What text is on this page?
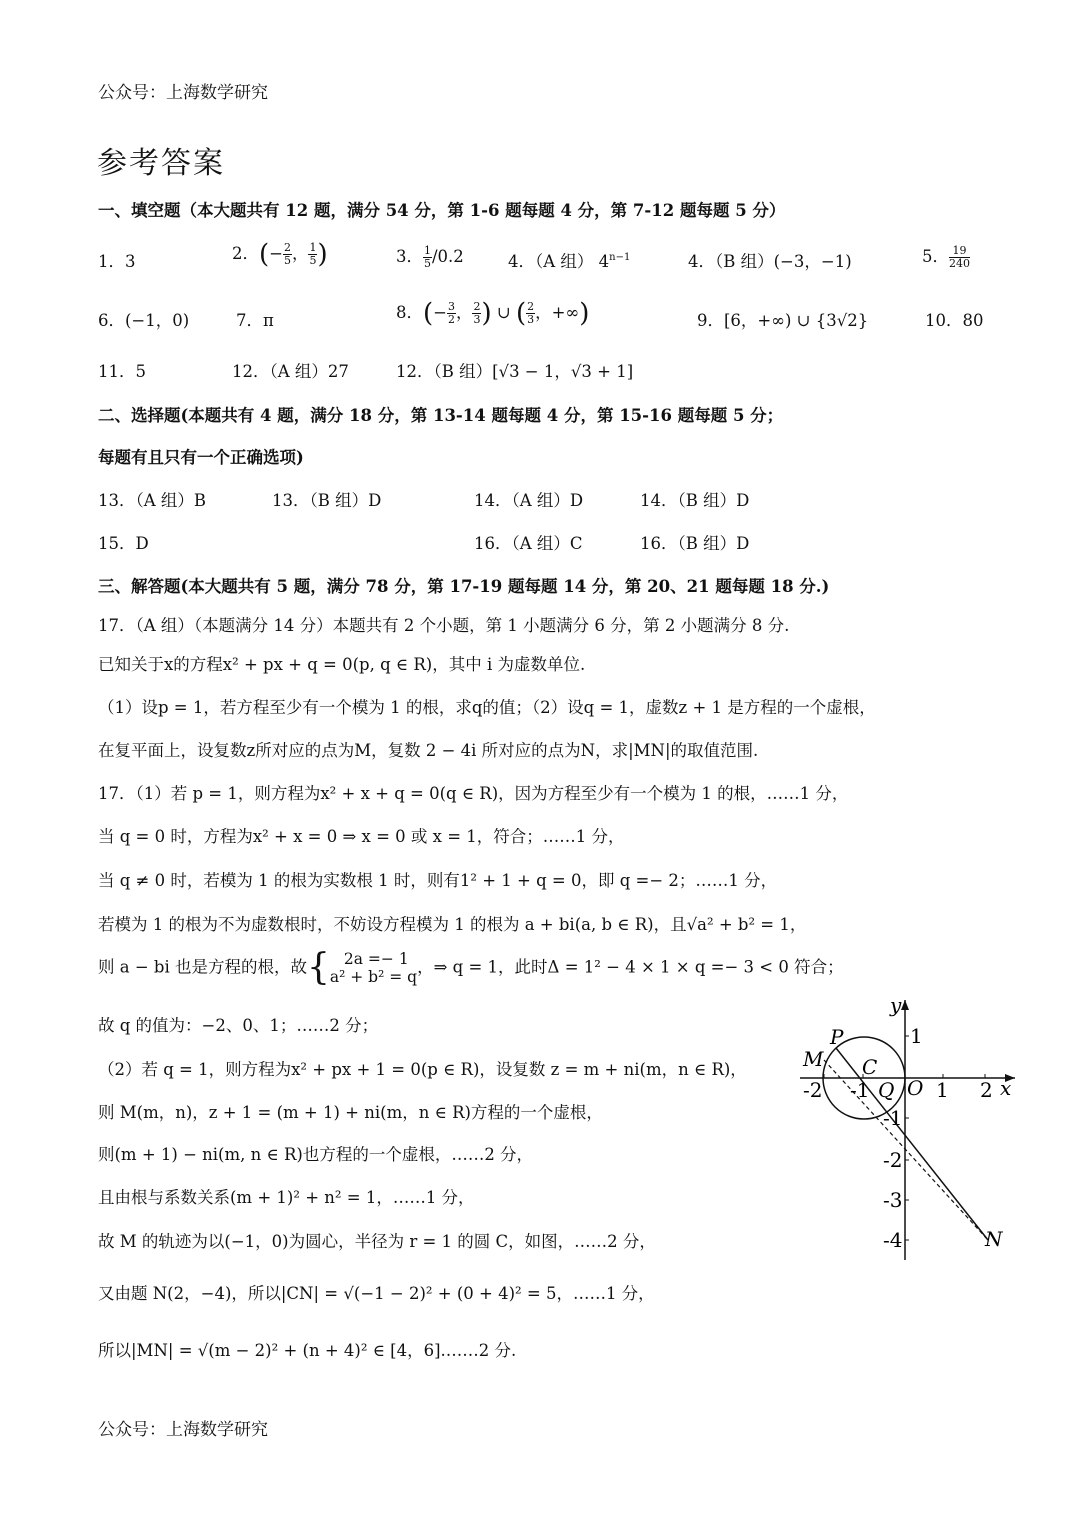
公众号：上海数学研究
参考答案
一、填空题（本大题共有 12 题，满分 54 分，第 1-6 题每题 4 分，第 7-12 题每题 5 分）
1．3	2．(− $\frac{2}{5}$ ， $\frac{1}{5}$ )	3． $\frac{1}{5} /0.2$	4．（A 组） $4^{n-1}$	4．（B 组）(−3，−1)	5． $\frac{19}{240}$
6．(−1，0)	7．π	8．(− $\frac{3}{2}$ ， $\frac{2}{3}$ ) ∪ ( $\frac{2}{3}$ ，+∞)	9．[6，+∞) ∪ {3√2}	10．80
11．5	12．（A 组）27	12．（B 组）[√3 − 1，√3 + 1]
二、选择题(本题共有 4 题，满分 18 分，第 13-14 题每题 4 分，第 15-16 题每题 5 分；
每题有且只有一个正确选项)
13．（A 组）B	13．（B 组）D	14．（A 组）D	14．（B 组）D
15．D	16．（A 组）C	16．（B 组）D
三、解答题(本大题共有 5 题，满分 78 分，第 17-19 题每题 14 分，第 20、21 题每题 18 分.)
17．（A 组）（本题满分 14 分）本题共有 2 个小题，第 1 小题满分 6 分，第 2 小题满分 8 分.
已知关于x的方程x² + px + q = 0(p, q ∈ R)，其中 i 为虚数单位.
（1）设p = 1，若方程至少有一个模为 1 的根，求q的值；（2）设q = 1，虚数z + 1 是方程的一个虚根，
在复平面上，设复数z所对应的点为M，复数 2 − 4i 所对应的点为N，求|MN|的取值范围.
17．（1）若 p = 1，则方程为x² + x + q = 0(q ∈ R)，因为方程至少有一个模为 1 的根，……1 分，
当 q = 0 时，方程为x² + x = 0 ⇒ x = 0 或 x = 1，符合；……1 分，
当 q ≠ 0 时，若模为 1 的根为实数根 1 时，则有1² + 1 + q = 0，即 q =− 2；……1 分，
若模为 1 的根为不为虚数根时，不妨设方程模为 1 的根为 a + bi(a, b ∈ R)，且√a² + b² = 1，
则 a − bi 也是方程的根，故{ 2a =− 1
a² + b² = q
，⇒ q = 1，此时Δ = 1² − 4 × 1 × q =− 3 < 0 符合；
故 q 的值为：−2、0、1；……2 分；
（2）若 q = 1，则方程为x² + px + 1 = 0(p ∈ R)，设复数 z = m + ni(m，n ∈ R)，
则 M(m，n)，z + 1 = (m + 1) + ni(m，n ∈ R)方程的一个虚根，
则(m + 1) − ni(m, n ∈ R)也方程的一个虚根，……2 分，
且由根与系数关系(m + 1)² + n² = 1，……1 分，
故 M 的轨迹为以(−1，0)为圆心，半径为 r = 1 的圆 C，如图，……2 分，
又由题 N(2，−4)，所以|CN| = √(−1 − 2)² + (0 + 4)² = 5，……1 分，
所以|MN| = √(m − 2)² + (n + 4)² ∈ [4，6].……2 分.
y
x
P
M C
Q O
N
-2 -1	1 2
1
-1
-2
-3
-4
公众号：上海数学研究
